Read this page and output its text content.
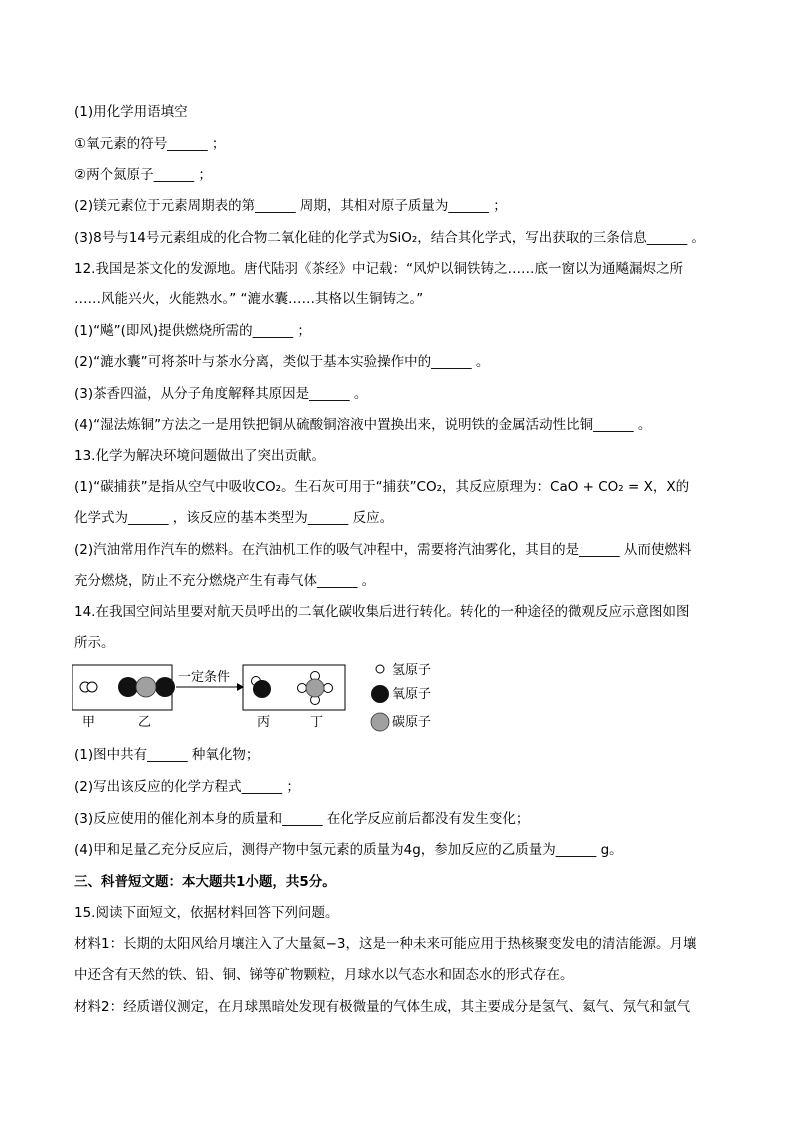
(1)用化学用语填空
①氧元素的符号______ ；
②两个氮原子______ ；
(2)镁元素位于元素周期表的第______ 周期，其相对原子质量为______ ；
(3)8号与14号元素组成的化合物二氧化硅的化学式为SiO₂，结合其化学式，写出获取的三条信息______ 。
12.我国是茶文化的发源地。唐代陆羽《茶经》中记载：“风炉以铜铁铸之……底一窗以为通飚漏烬之所
……风能兴火，火能熟水。” “漉水囊……其格以生铜铸之。”
(1)“飚”(即风)提供燃烧所需的______ ；
(2)“漉水囊”可将茶叶与茶水分离，类似于基本实验操作中的______ 。
(3)茶香四溢，从分子角度解释其原因是______ 。
(4)“湿法炼铜”方法之一是用铁把铜从硫酸铜溶液中置换出来，说明铁的金属活动性比铜______ 。
13.化学为解决环境问题做出了突出贡献。
(1)“碳捕获”是指从空气中吸收CO₂。生石灰可用于“捕获”CO₂，其反应原理为：CaO + CO₂ = X，X的
化学式为______ ，该反应的基本类型为______ 反应。
(2)汽油常用作汽车的燃料。在汽油机工作的吸气冲程中，需要将汽油雾化，其目的是______ 从而使燃料
充分燃烧，防止不充分燃烧产生有毒气体______ 。
14.在我国空间站里要对航天员呼出的二氧化碳收集后进行转化。转化的一种途径的微观反应示意图如图
所示。
一定条件
甲	乙	丙	丁
氢原子
氧原子
碳原子
(1)图中共有______ 种氧化物；
(2)写出该反应的化学方程式______ ；
(3)反应使用的催化剂本身的质量和______ 在化学反应前后都没有发生变化；
(4)甲和足量乙充分反应后，测得产物中氢元素的质量为4g，参加反应的乙质量为______ g。
三、科普短文题：本大题共1小题，共5分。
15.阅读下面短文，依据材料回答下列问题。
材料1：长期的太阳风给月壤注入了大量氦−3，这是一种未来可能应用于热核聚变发电的清洁能源。月壤
中还含有天然的铁、铅、铜、锑等矿物颗粒，月球水以气态水和固态水的形式存在。
材料2：经质谱仪测定，在月球黑暗处发现有极微量的气体生成，其主要成分是氢气、氦气、氖气和氩气
